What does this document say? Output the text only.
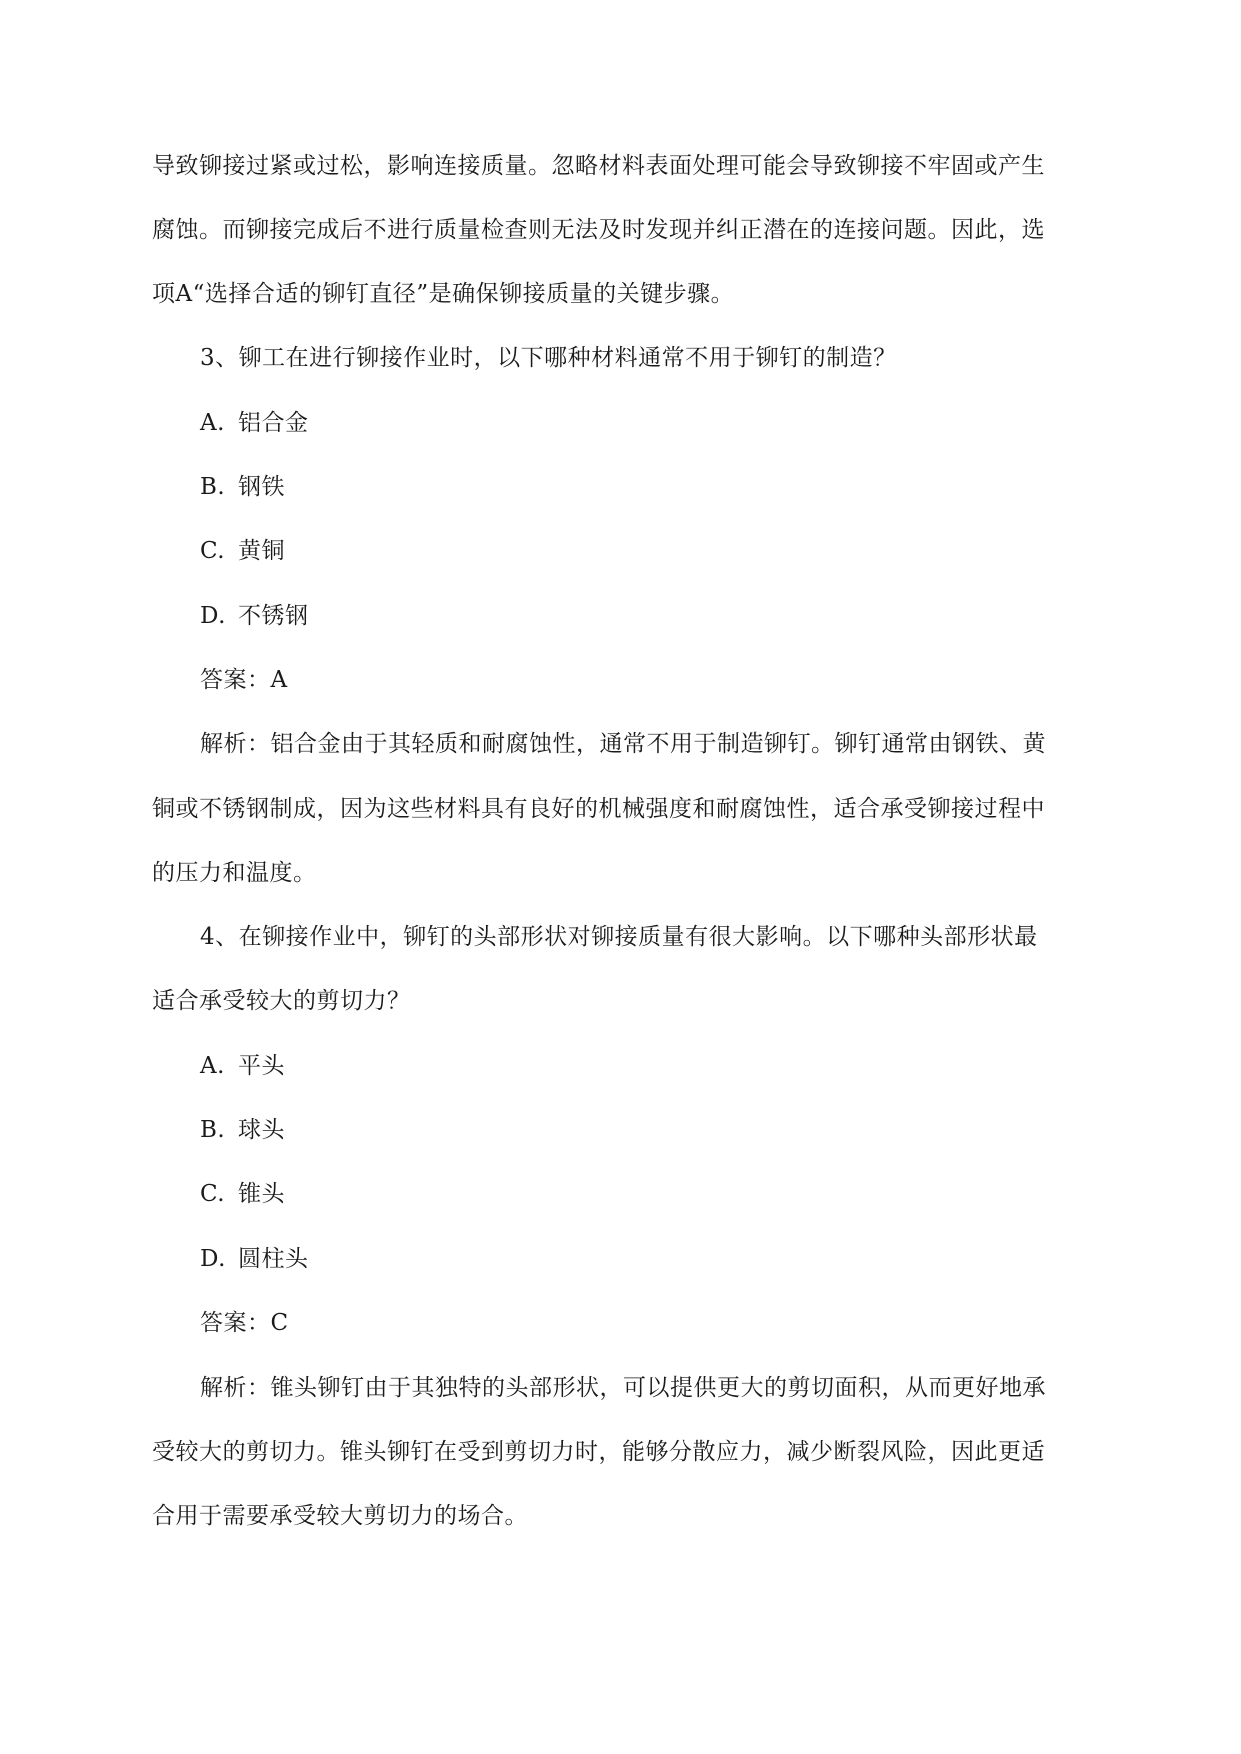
导致铆接过紧或过松，影响连接质量。忽略材料表面处理可能会导致铆接不牢固或产生
腐蚀。而铆接完成后不进行质量检查则无法及时发现并纠正潜在的连接问题。因此，选
项A“选择合适的铆钉直径”是确保铆接质量的关键步骤。
3、铆工在进行铆接作业时，以下哪种材料通常不用于铆钉的制造？
A. 铝合金
B. 钢铁
C. 黄铜
D. 不锈钢
答案：A
解析：铝合金由于其轻质和耐腐蚀性，通常不用于制造铆钉。铆钉通常由钢铁、黄
铜或不锈钢制成，因为这些材料具有良好的机械强度和耐腐蚀性，适合承受铆接过程中
的压力和温度。
4、在铆接作业中，铆钉的头部形状对铆接质量有很大影响。以下哪种头部形状最
适合承受较大的剪切力？
A. 平头
B. 球头
C. 锥头
D. 圆柱头
答案：C
解析：锥头铆钉由于其独特的头部形状，可以提供更大的剪切面积，从而更好地承
受较大的剪切力。锥头铆钉在受到剪切力时，能够分散应力，减少断裂风险，因此更适
合用于需要承受较大剪切力的场合。
